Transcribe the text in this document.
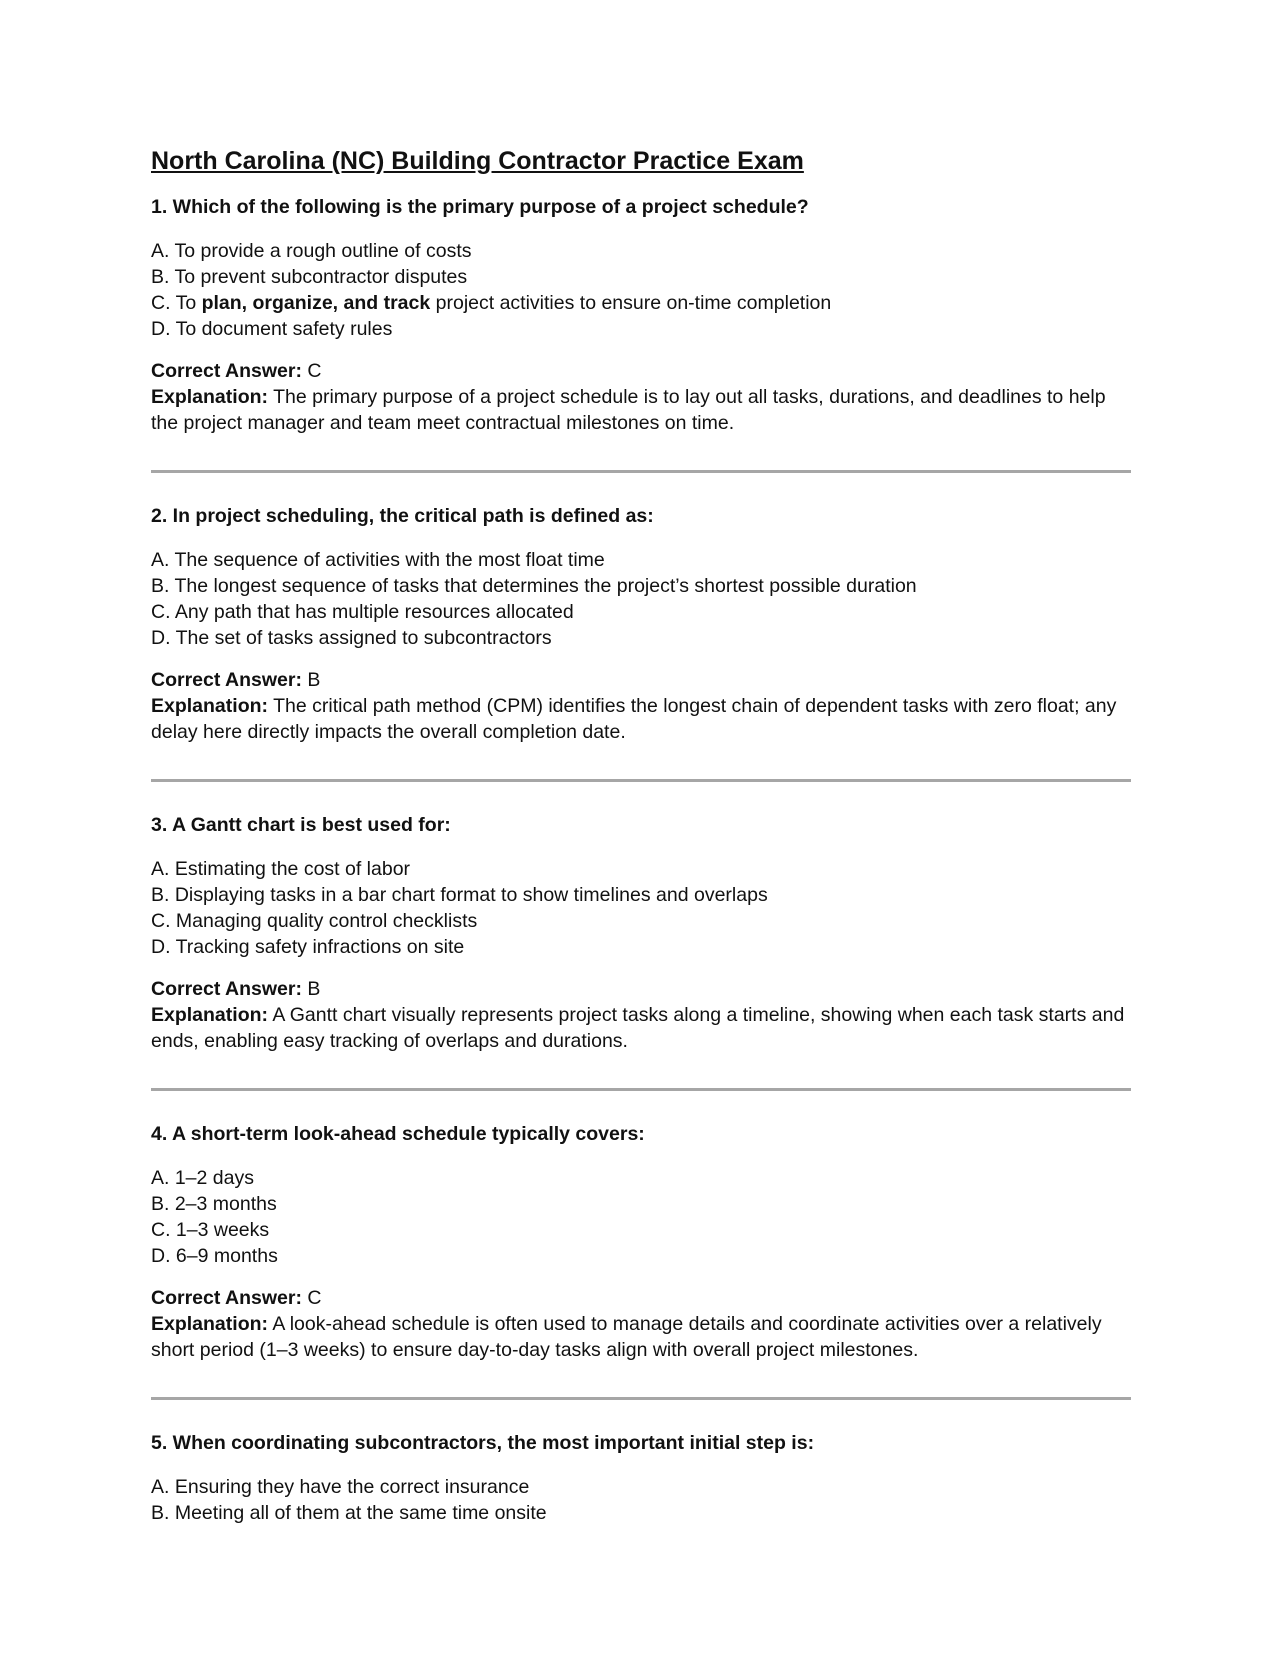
North Carolina (NC) Building Contractor Practice Exam

1. Which of the following is the primary purpose of a project schedule?

A. To provide a rough outline of costs
B. To prevent subcontractor disputes
C. To plan, organize, and track project activities to ensure on-time completion
D. To document safety rules
Correct Answer: C
Explanation: The primary purpose of a project schedule is to lay out all tasks, durations, and deadlines to help the project manager and team meet contractual milestones on time.

2. In project scheduling, the critical path is defined as:

A. The sequence of activities with the most float time
B. The longest sequence of tasks that determines the project’s shortest possible duration
C. Any path that has multiple resources allocated
D. The set of tasks assigned to subcontractors
Correct Answer: B
Explanation: The critical path method (CPM) identifies the longest chain of dependent tasks with zero float; any delay here directly impacts the overall completion date.

3. A Gantt chart is best used for:

A. Estimating the cost of labor
B. Displaying tasks in a bar chart format to show timelines and overlaps
C. Managing quality control checklists
D. Tracking safety infractions on site
Correct Answer: B
Explanation: A Gantt chart visually represents project tasks along a timeline, showing when each task starts and ends, enabling easy tracking of overlaps and durations.

4. A short-term look-ahead schedule typically covers:

A. 1–2 days
B. 2–3 months
C. 1–3 weeks
D. 6–9 months
Correct Answer: C
Explanation: A look-ahead schedule is often used to manage details and coordinate activities over a relatively short period (1–3 weeks) to ensure day-to-day tasks align with overall project milestones.

5. When coordinating subcontractors, the most important initial step is:

A. Ensuring they have the correct insurance
B. Meeting all of them at the same time onsite
